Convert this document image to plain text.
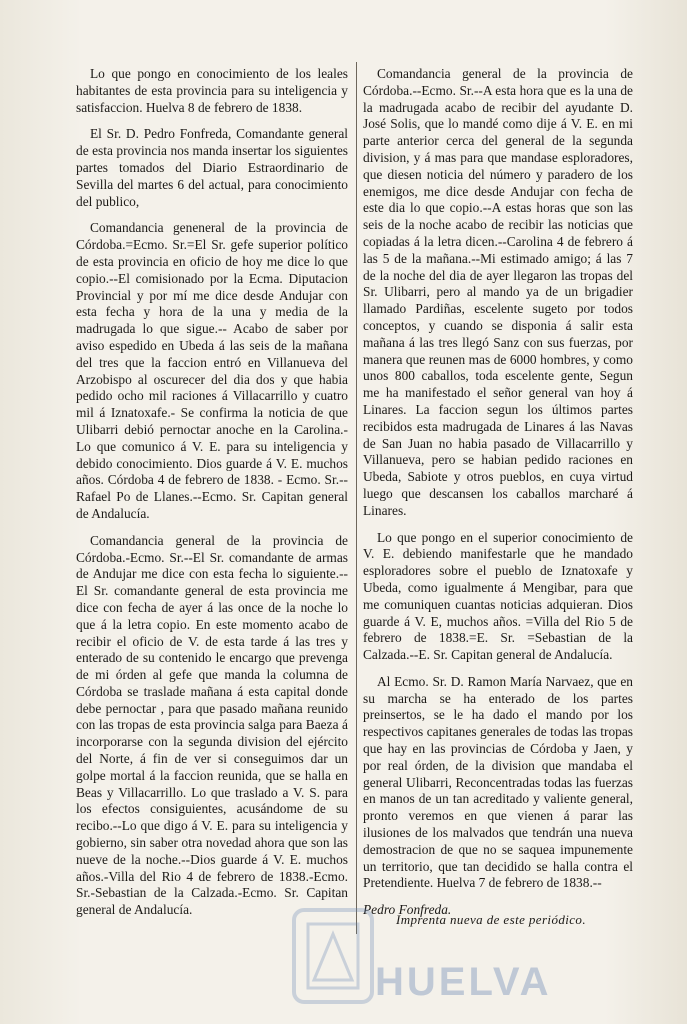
Lo que pongo en conocimiento de los leales habitantes de esta provincia para su inteligencia y satisfaccion. Huelva 8 de febrero de 1838.

El Sr. D. Pedro Fonfreda, Comandante general de esta provincia nos manda insertar los siguientes partes tomados del Diario Estraordinario de Sevilla del martes 6 del actual, para conocimiento del publico,

Comandancia geneneral de la provincia de Córdoba.=Ecmo. Sr.=El Sr. gefe superior político de esta provincia en oficio de hoy me dice lo que copio.--El comisionado por la Ecma. Diputacion Provincial y por mí me dice desde Andujar con esta fecha y hora de la una y media de la madrugada lo que sigue.-- Acabo de saber por aviso espedido en Ubeda á las seis de la mañana del tres que la faccion entró en Villanueva del Arzobispo al oscurecer del dia dos y que habia pedido ocho mil raciones á Villacarrillo y cuatro mil á Iznatoxafe.- Se confirma la noticia de que Ulibarri debió pernoctar anoche en la Carolina.- Lo que comunico á V. E. para su inteligencia y debido conocimiento. Dios guarde á V. E. muchos años. Córdoba 4 de febrero de 1838. - Ecmo. Sr.--Rafael Po de Llanes.--Ecmo. Sr. Capitan general de Andalucía.

Comandancia general de la provincia de Córdoba.-Ecmo. Sr.--El Sr. comandante de armas de Andujar me dice con esta fecha lo siguiente.--El Sr. comandante general de esta provincia me dice con fecha de ayer á las once de la noche lo que á la letra copio. En este momento acabo de recibir el oficio de V. de esta tarde á las tres y enterado de su contenido le encargo que prevenga de mi órden al gefe que manda la columna de Córdoba se traslade mañana á esta capital donde debe pernoctar , para que pasado mañana reunido con las tropas de esta provincia salga para Baeza á incorporarse con la segunda division del ejército del Norte, á fin de ver si conseguimos dar un golpe mortal á la faccion reunida, que se halla en Beas y Villacarrillo. Lo que traslado a V. S. para los efectos consiguientes, acusándome de su recibo.--Lo que digo á V. E. para su inteligencia y gobierno, sin saber otra novedad ahora que son las nueve de la noche.--Dios guarde á V. E. muchos años.-Villa del Rio 4 de febrero de 1838.-Ecmo. Sr.-Sebastian de la Calzada.-Ecmo. Sr. Capitan general de Andalucía.

Comandancia general de la provincia de Córdoba.--Ecmo. Sr.--A esta hora que es la una de la madrugada acabo de recibir del ayudante D. José Solis, que lo mandé como dije á V. E. en mi parte anterior cerca del general de la segunda division, y á mas para que mandase esploradores, que diesen noticia del número y paradero de los enemigos, me dice desde Andujar con fecha de este dia lo que copio.--A estas horas que son las seis de la noche acabo de recibir las noticias que copiadas á la letra dicen.--Carolina 4 de febrero á las 5 de la mañana.--Mi estimado amigo; á las 7 de la noche del dia de ayer llegaron las tropas del Sr. Ulibarri, pero al mando ya de un brigadier llamado Pardiñas, escelente sugeto por todos conceptos, y cuando se disponia á salir esta mañana á las tres llegó Sanz con sus fuerzas, por manera que reunen mas de 6000 hombres, y como unos 800 caballos, toda escelente gente, Segun me ha manifestado el señor general van hoy á Linares. La faccion segun los últimos partes recibidos esta madrugada de Linares á las Navas de San Juan no habia pasado de Villacarrillo y Villanueva, pero se habian pedido raciones en Ubeda, Sabiote y otros pueblos, en cuya virtud luego que descansen los caballos marcharé á Linares.

Lo que pongo en el superior conocimiento de V. E. debiendo manifestarle que he mandado esploradores sobre el pueblo de Iznatoxafe y Ubeda, como igualmente á Mengibar, para que me comuniquen cuantas noticias adquieran. Dios guarde á V. E, muchos años. =Villa del Rio 5 de febrero de 1838.=E. Sr. =Sebastian de la Calzada.--E. Sr. Capitan general de Andalucía.

Al Ecmo. Sr. D. Ramon María Narvaez, que en su marcha se ha enterado de los partes preinsertos, se le ha dado el mando por los respectivos capitanes generales de todas las tropas que hay en las provincias de Córdoba y Jaen, y por real órden, de la division que mandaba el general Ulibarri, Reconcentradas todas las fuerzas en manos de un tan acreditado y valiente general, pronto veremos en que vienen á parar las ilusiones de los malvados que tendrán una nueva demostracion de que no se saquea impunemente un territorio, que tan decidido se halla contra el Pretendiente. Huelva 7 de febrero de 1838.--

Pedro Fonfreda.

HUELVA
Imprenta nueva de este periódico.
